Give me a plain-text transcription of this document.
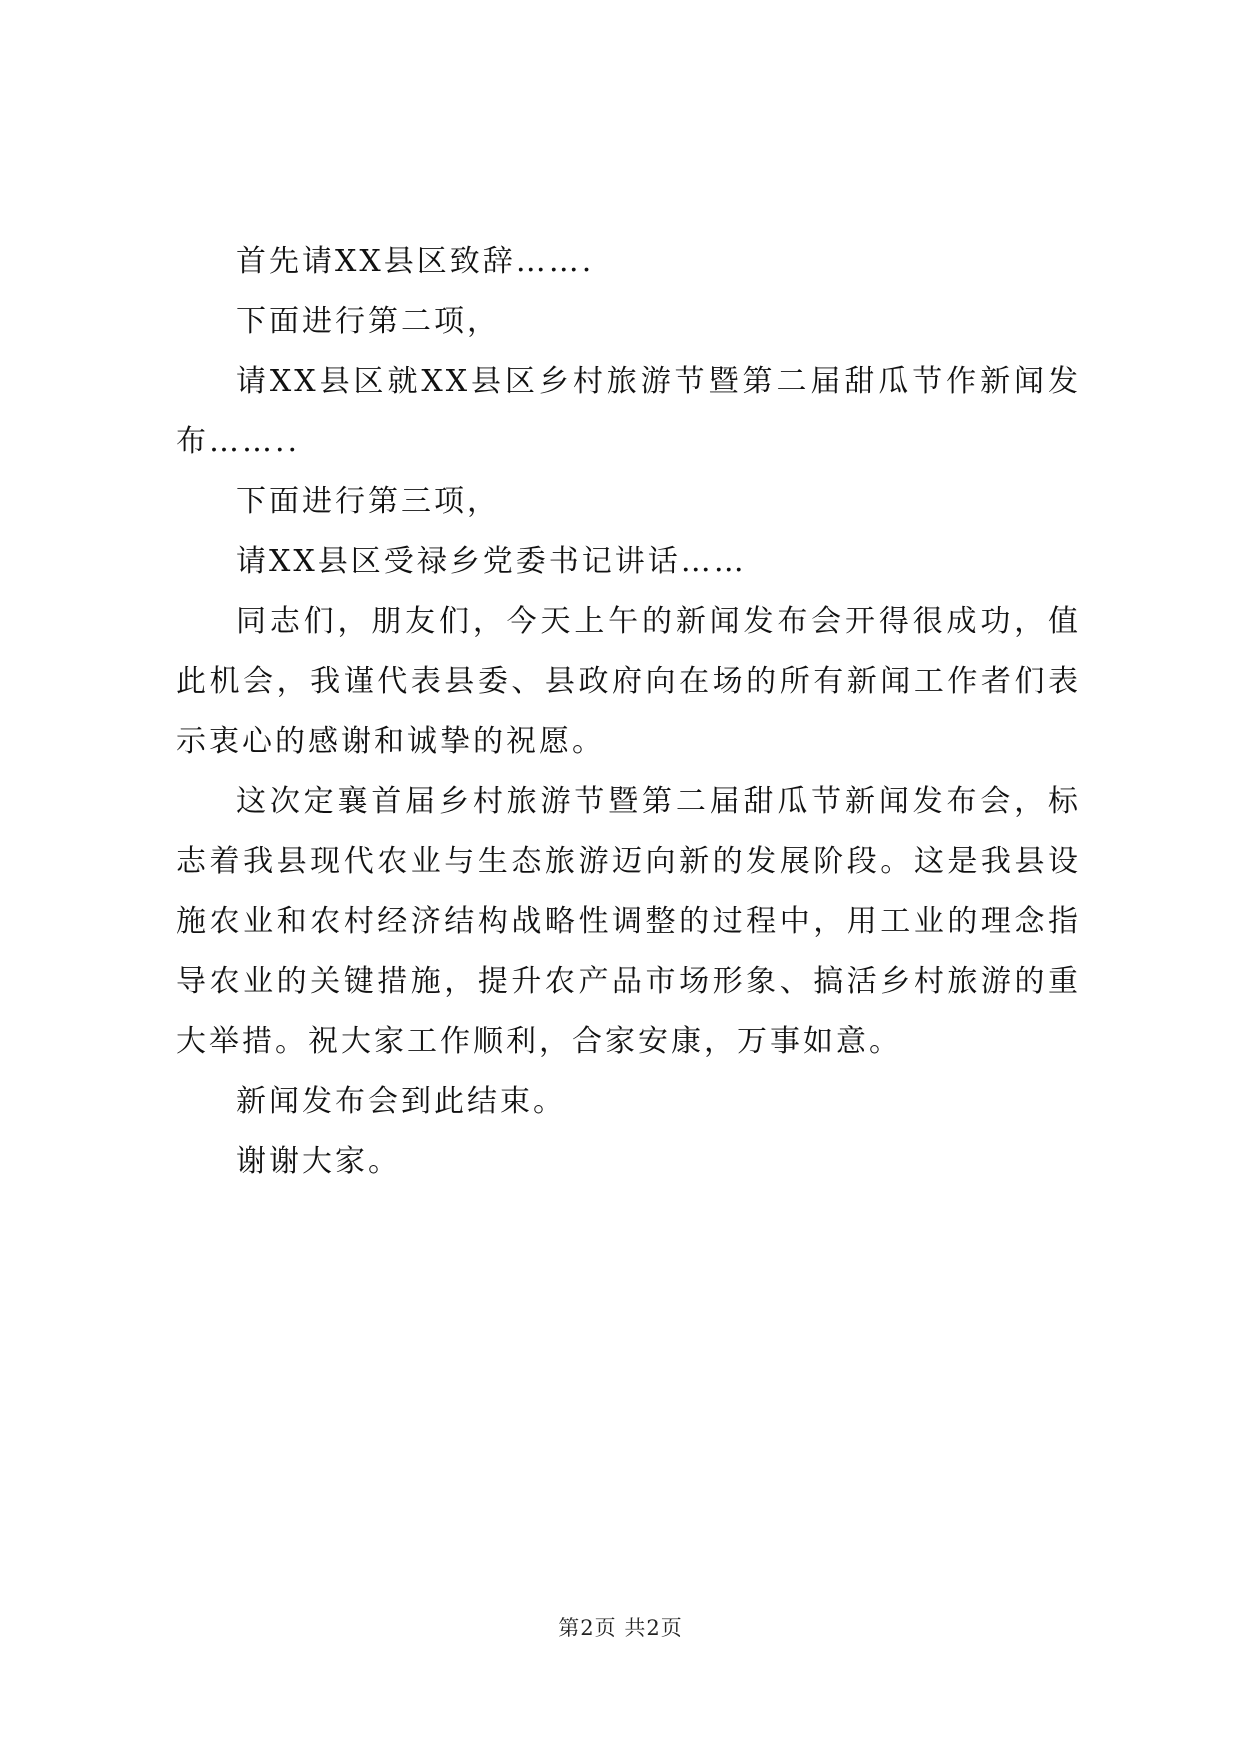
首先请XX县区致辞…….

下面进行第二项，

请XX县区就XX县区乡村旅游节暨第二届甜瓜节作新闻发布……..

下面进行第三项，

请XX县区受禄乡党委书记讲话……

同志们，朋友们，今天上午的新闻发布会开得很成功，值此机会，我谨代表县委、县政府向在场的所有新闻工作者们表示衷心的感谢和诚挚的祝愿。

这次定襄首届乡村旅游节暨第二届甜瓜节新闻发布会，标志着我县现代农业与生态旅游迈向新的发展阶段。这是我县设施农业和农村经济结构战略性调整的过程中，用工业的理念指导农业的关键措施，提升农产品市场形象、搞活乡村旅游的重大举措。祝大家工作顺利，合家安康，万事如意。

新闻发布会到此结束。

谢谢大家。

第2页 共2页
